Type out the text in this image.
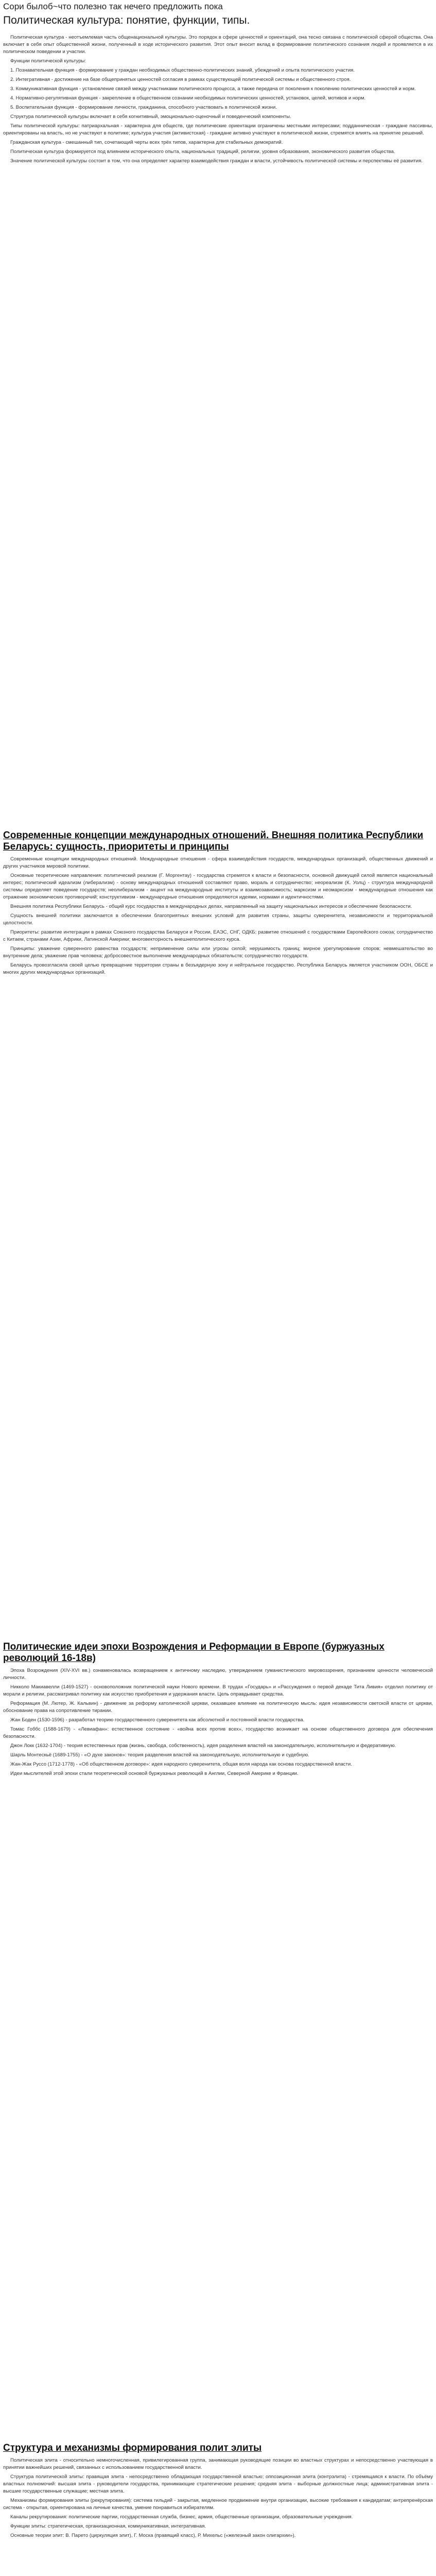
Сори былоб~что полезно так нечего предложить пока

Политическая культура: понятие, функции, типы.

Политическая культура - неотъемлемая часть общенациональной культуры. Это порядок в сфере ценностей и ориентаций, она тесно связана с политической сферой общества. Она включает в себя опыт общественной жизни, полученный в ходе исторического развития. Этот опыт вносит вклад в формирование политического сознания людей и проявляется в их политическом поведении и участии.

Функции политической культуры:

1. Познавательная функция - формирование у граждан необходимых общественно-политических знаний, убеждений и опыта политического участия.

2. Интегративная - достижение на базе общепринятых ценностей согласия в рамках существующей политической системы и общественного строя.

3. Коммуникативная функция - установление связей между участниками политического процесса, а также передача от поколения к поколению политических ценностей и норм.

4. Нормативно-регулятивная функция - закрепление в общественном сознании необходимых политических ценностей, установок, целей, мотивов и норм.

5. Воспитательная функция - формирование личности, гражданина, способного участвовать в политической жизни.

Структура политической культуры включает в себя когнитивный, эмоционально-оценочный и поведенческий компоненты.

Типы политической культуры: патриархальная - характерна для обществ, где политические ориентации ограничены местными интересами; подданническая - граждане пассивны, ориентированы на власть, но не участвуют в политике; культура участия (активистская) - граждане активно участвуют в политической жизни, стремятся влиять на принятие решений.

Гражданская культура - смешанный тип, сочетающий черты всех трёх типов, характерна для стабильных демократий.

Политическая культура формируется под влиянием исторического опыта, национальных традиций, религии, уровня образования, экономического развития общества.

Значение политической культуры состоит в том, что она определяет характер взаимодействия граждан и власти, устойчивость политической системы и перспективы её развития.

Современные концепции международных отношений. Внешняя политика Республики Беларусь: сущность, приоритеты и принципы

Современные концепции международных отношений. Международные отношения - сфера взаимодействия государств, международных организаций, общественных движений и других участников мировой политики.

Основные теоретические направления: политический реализм (Г. Моргентау) - государства стремятся к власти и безопасности, основной движущей силой является национальный интерес; политический идеализм (либерализм) - основу международных отношений составляют право, мораль и сотрудничество; неореализм (К. Уолц) - структура международной системы определяет поведение государств; неолиберализм - акцент на международные институты и взаимозависимость; марксизм и неомарксизм - международные отношения как отражение экономических противоречий; конструктивизм - международные отношения определяются идеями, нормами и идентичностями.

Внешняя политика Республики Беларусь - общий курс государства в международных делах, направленный на защиту национальных интересов и обеспечение безопасности.

Сущность внешней политики заключается в обеспечении благоприятных внешних условий для развития страны, защиты суверенитета, независимости и территориальной целостности.

Приоритеты: развитие интеграции в рамках Союзного государства Беларуси и России, ЕАЭС, СНГ, ОДКБ; развитие отношений с государствами Европейского союза; сотрудничество с Китаем, странами Азии, Африки, Латинской Америки; многовекторность внешнеполитического курса.

Принципы: уважение суверенного равенства государств; неприменение силы или угрозы силой; нерушимость границ; мирное урегулирование споров; невмешательство во внутренние дела; уважение прав человека; добросовестное выполнение международных обязательств; сотрудничество государств.

Беларусь провозгласила своей целью превращение территории страны в безъядерную зону и нейтральное государство. Республика Беларусь является участником ООН, ОБСЕ и многих других международных организаций.

Политические идеи эпохи Возрождения и Реформации в Европе (буржуазных революций 16-18в)

Эпоха Возрождения (XIV-XVI вв.) ознаменовалась возвращением к античному наследию, утверждением гуманистического мировоззрения, признанием ценности человеческой личности.

Никколо Макиавелли (1469-1527) - основоположник политической науки Нового времени. В трудах «Государь» и «Рассуждения о первой декаде Тита Ливия» отделил политику от морали и религии, рассматривал политику как искусство приобретения и удержания власти. Цель оправдывает средства.

Реформация (М. Лютер, Ж. Кальвин) - движение за реформу католической церкви, оказавшее влияние на политическую мысль: идея независимости светской власти от церкви, обоснование права на сопротивление тирании.

Жан Боден (1530-1596) - разработал теорию государственного суверенитета как абсолютной и постоянной власти государства.

Томас Гоббс (1588-1679) - «Левиафан»: естественное состояние - «война всех против всех», государство возникает на основе общественного договора для обеспечения безопасности.

Джон Локк (1632-1704) - теория естественных прав (жизнь, свобода, собственность), идея разделения властей на законодательную, исполнительную и федеративную.

Шарль Монтескьё (1689-1755) - «О духе законов»: теория разделения властей на законодательную, исполнительную и судебную.

Жан-Жак Руссо (1712-1778) - «Об общественном договоре»: идея народного суверенитета, общая воля народа как основа государственной власти.

Идеи мыслителей этой эпохи стали теоретической основой буржуазных революций в Англии, Северной Америке и Франции.

Структура и механизмы формирования полит элиты

Политическая элита - относительно немногочисленная, привилегированная группа, занимающая руководящие позиции во властных структурах и непосредственно участвующая в принятии важнейших решений, связанных с использованием государственной власти.

Структура политической элиты: правящая элита - непосредственно обладающая государственной властью; оппозиционная элита (контрэлита) - стремящаяся к власти. По объёму властных полномочий: высшая элита - руководители государства, принимающие стратегические решения; средняя элита - выборные должностные лица; административная элита - высшие государственные служащие; местная элита.

Механизмы формирования элиты (рекрутирования): система гильдий - закрытая, медленное продвижение внутри организации, высокие требования к кандидатам; антрепренёрская система - открытая, ориентирована на личные качества, умение понравиться избирателям.

Каналы рекрутирования: политические партии, государственная служба, бизнес, армия, общественные организации, образовательные учреждения.

Функции элиты: стратегическая, организационная, коммуникативная, интегративная.

Основные теории элит: В. Парето (циркуляция элит), Г. Моска (правящий класс), Р. Михельс («железный закон олигархии»).
